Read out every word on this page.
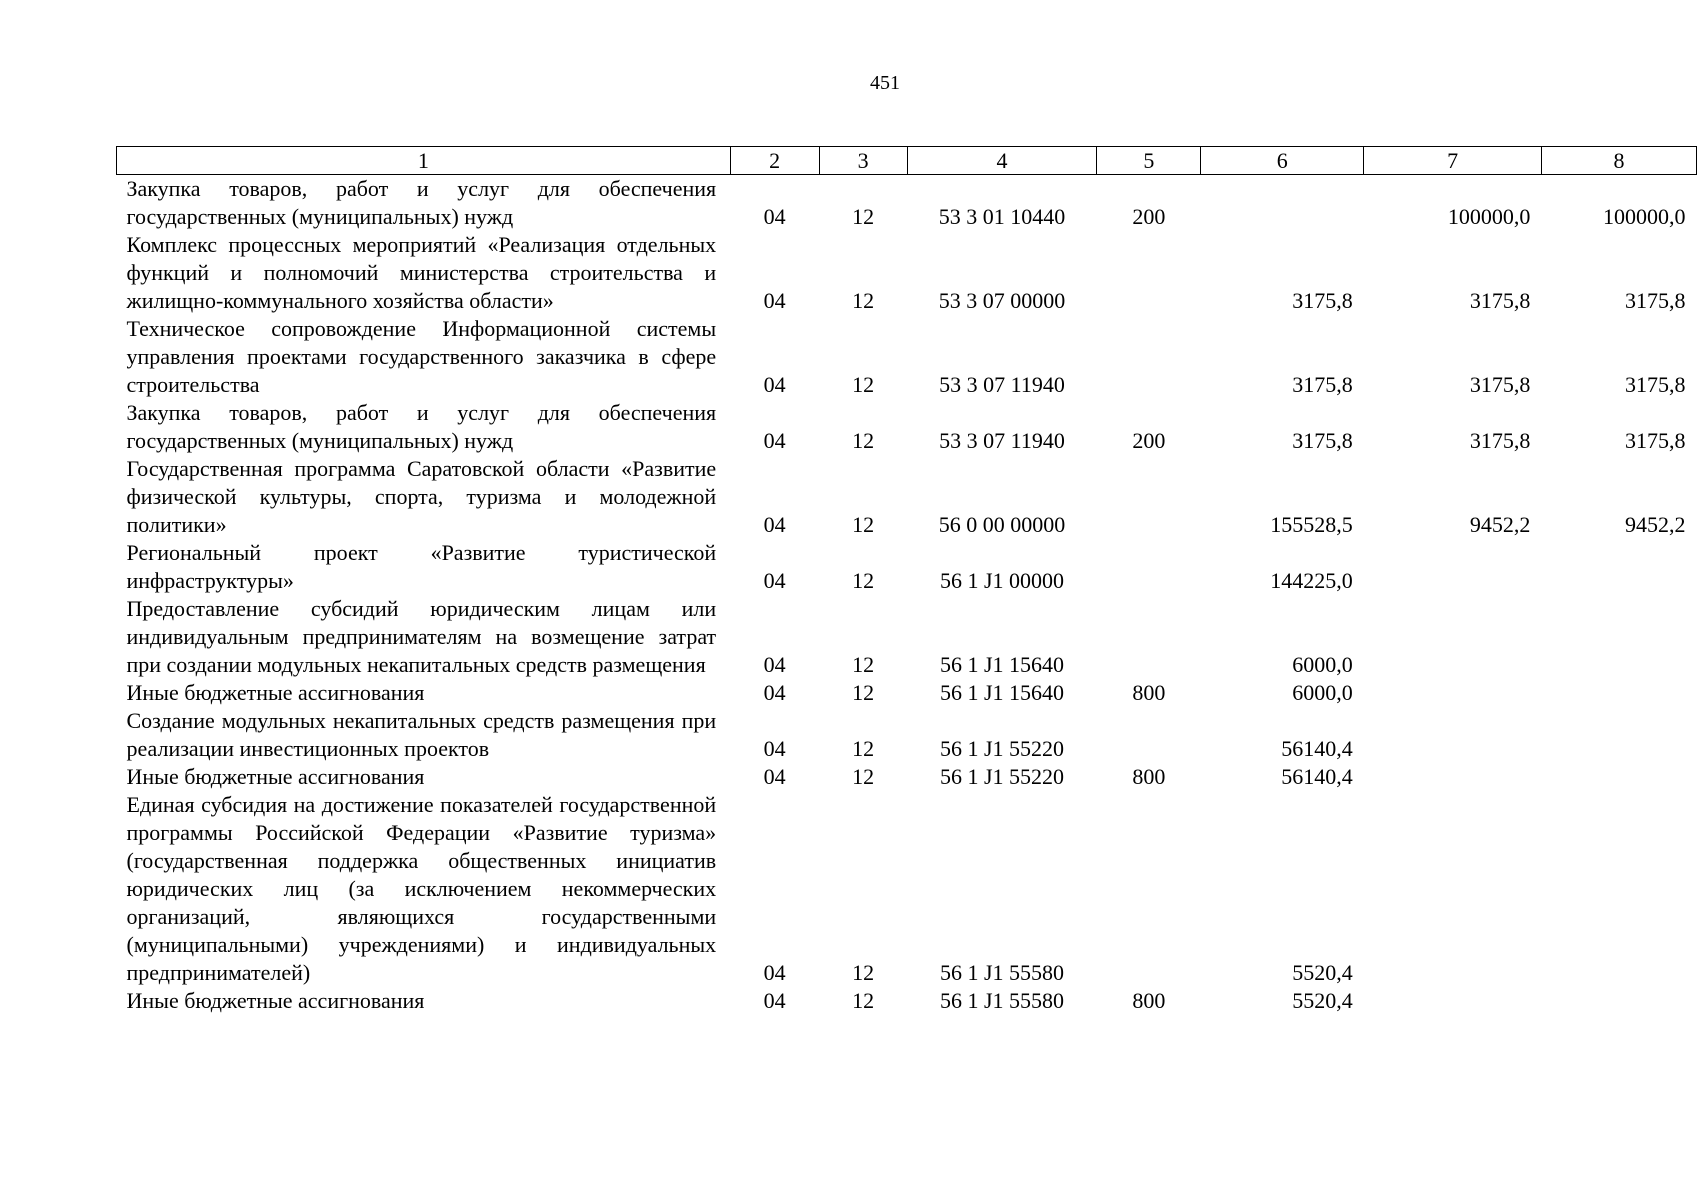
451
1	2	3	4	5	6	7	8
Закупка товаров, работ и услуг для обеспечения государственных (муниципальных) нужд	04	12	53 3 01 10440	200		100000,0	100000,0
Комплекс процессных мероприятий «Реализация отдельных функций и полномочий министерства строительства и жилищно-коммунального хозяйства области»	04	12	53 3 07 00000		3175,8	3175,8	3175,8
Техническое сопровождение Информационной системы управления проектами государственного заказчика в сфере строительства	04	12	53 3 07 11940		3175,8	3175,8	3175,8
Закупка товаров, работ и услуг для обеспечения государственных (муниципальных) нужд	04	12	53 3 07 11940	200	3175,8	3175,8	3175,8
Государственная программа Саратовской области «Развитие физической культуры, спорта, туризма и молодежной политики»	04	12	56 0 00 00000		155528,5	9452,2	9452,2
Региональный проект «Развитие туристической инфраструктуры»	04	12	56 1 J1 00000		144225,0		
Предоставление субсидий юридическим лицам или индивидуальным предпринимателям на возмещение затрат при создании модульных некапитальных средств размещения	04	12	56 1 J1 15640		6000,0		
Иные бюджетные ассигнования	04	12	56 1 J1 15640	800	6000,0		
Создание модульных некапитальных средств размещения при реализации инвестиционных проектов	04	12	56 1 J1 55220		56140,4		
Иные бюджетные ассигнования	04	12	56 1 J1 55220	800	56140,4		
Единая субсидия на достижение показателей государственной программы Российской Федерации «Развитие туризма» (государственная поддержка общественных инициатив юридических лиц (за исключением некоммерческих организаций, являющихся государственными (муниципальными) учреждениями) и индивидуальных предпринимателей)	04	12	56 1 J1 55580		5520,4		
Иные бюджетные ассигнования	04	12	56 1 J1 55580	800	5520,4		
